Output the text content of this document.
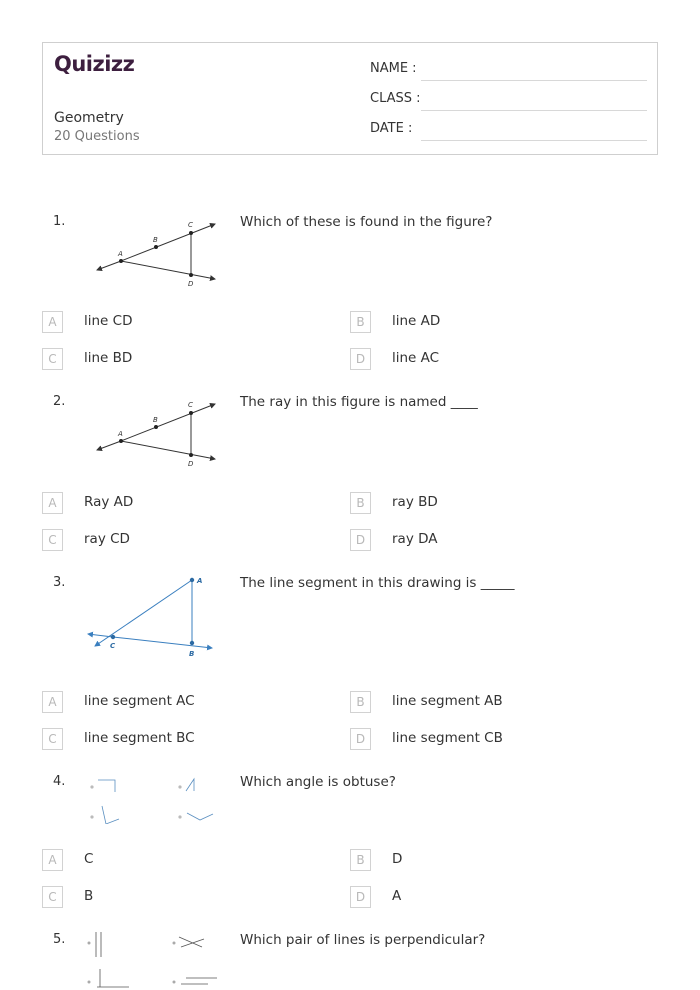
Quizizz
Geometry
20 Questions
NAME :
CLASS :
DATE :
1.
A
B
C
D
Which of these is found in the figure?
A	line CD	B	line AD
C	line BD	D	line AC
2.
A
B
C
D
The ray in this figure is named ____
A	Ray AD	B	ray BD
C	ray CD	D	ray DA
3.	A
C
B
The line segment in this drawing is _____
A	line segment AC	B	line segment AB
C	line segment BC	D	line segment CB
4.	Which angle is obtuse?
A	C	B	D
C	B	D	A
5.	Which pair of lines is perpendicular?
